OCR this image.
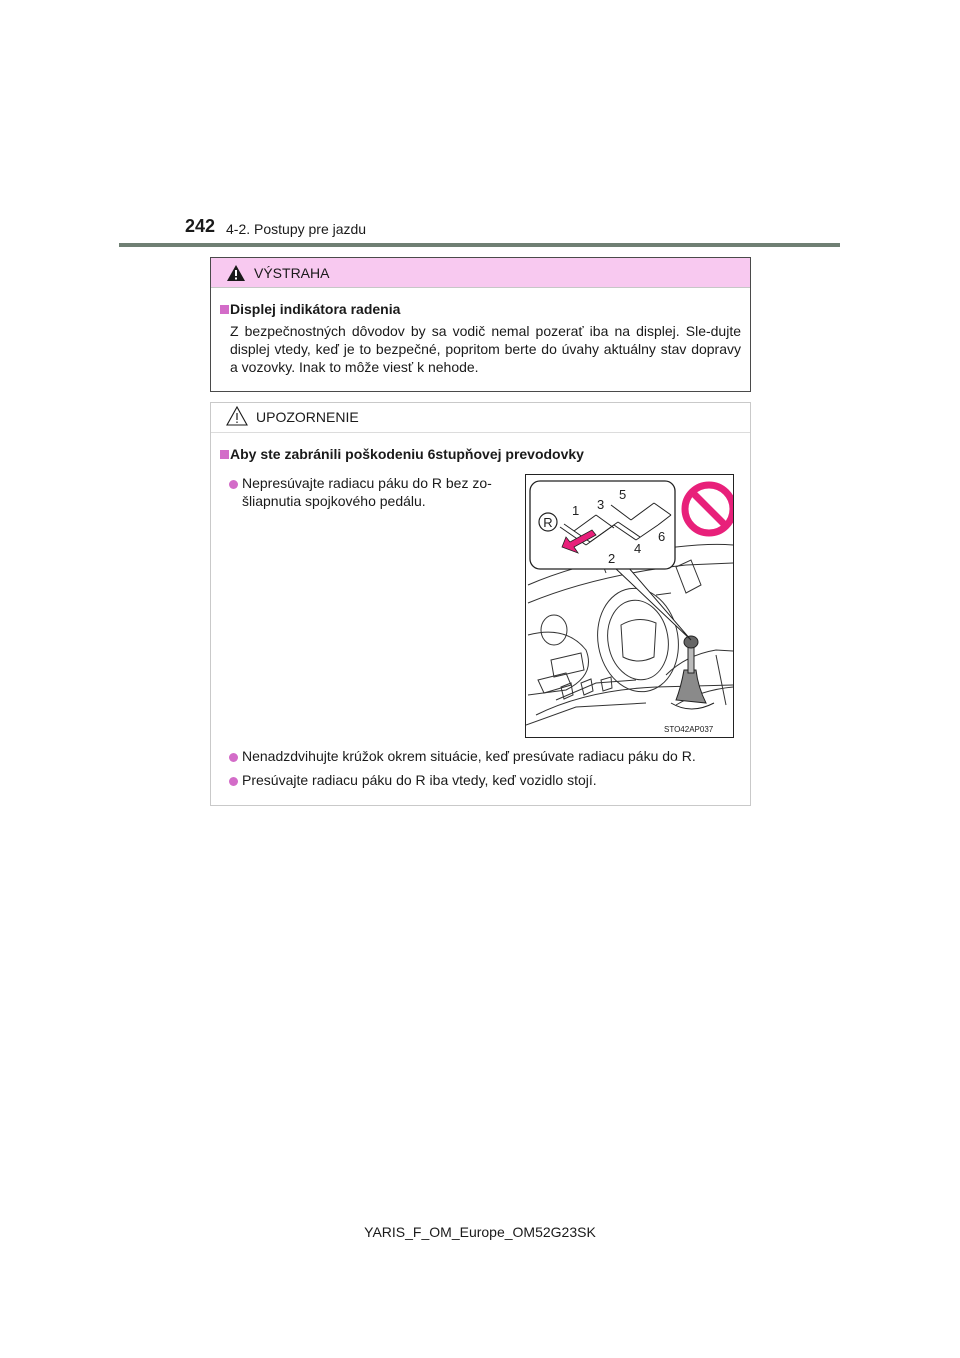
242 4-2. Postupy pre jazdu
VÝSTRAHA
Displej indikátora radenia
Z bezpečnostných dôvodov by sa vodič nemal pozerať iba na displej. Sle-dujte displej vtedy, keď je to bezpečné, popritom berte do úvahy aktuálny stav dopravy a vozovky. Inak to môže viesť k nehode.
UPOZORNENIE
Aby ste zabránili poškodeniu 6stupňovej prevodovky
Nepresúvajte radiacu páku do R bez zo-šliapnutia spojkového pedálu.
Nenadzdvihujte krúžok okrem situácie, keď presúvate radiacu páku do R.
Presúvajte radiacu páku do R iba vtedy, keď vozidlo stojí.
R
1
2
3
4
5
6
STO42AP037
YARIS_F_OM_Europe_OM52G23SK
